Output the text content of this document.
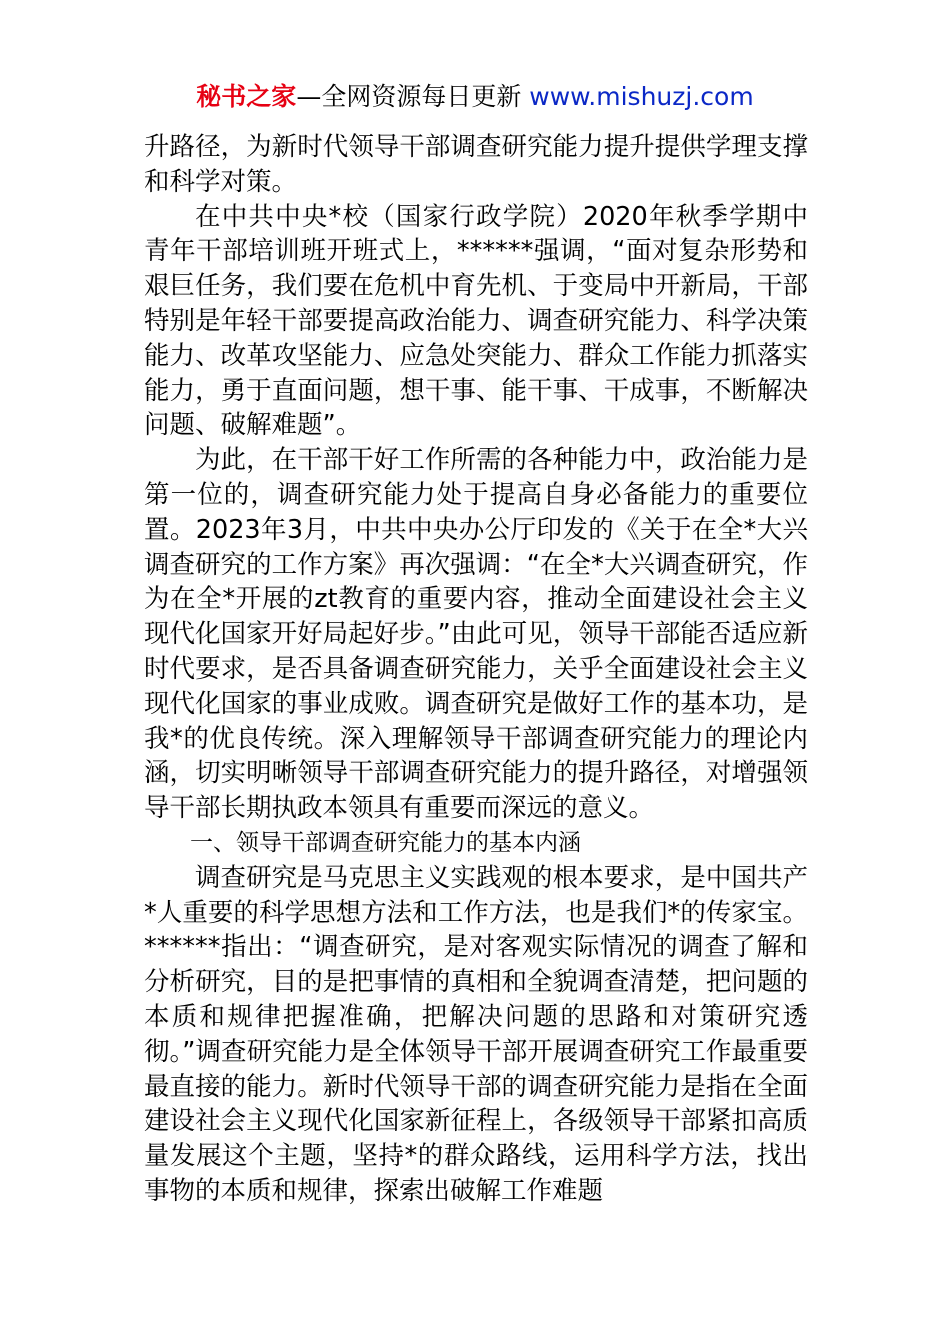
秘书之家—全网资源每日更新 www.mishuzj.com

升路径，为新时代领导干部调查研究能力提升提供学理支撑和科学对策。

在中共中央*校（国家行政学院）2020年秋季学期中青年干部培训班开班式上，******强调，“面对复杂形势和艰巨任务，我们要在危机中育先机、于变局中开新局，干部特别是年轻干部要提高政治能力、调查研究能力、科学决策能力、改革攻坚能力、应急处突能力、群众工作能力抓落实能力，勇于直面问题，想干事、能干事、干成事，不断解决问题、破解难题”。

为此，在干部干好工作所需的各种能力中，政治能力是第一位的，调查研究能力处于提高自身必备能力的重要位置。2023年3月，中共中央办公厅印发的《关于在全*大兴调查研究的工作方案》再次强调：“在全*大兴调查研究，作为在全*开展的zt教育的重要内容，推动全面建设社会主义现代化国家开好局起好步。”由此可见，领导干部能否适应新时代要求，是否具备调查研究能力，关乎全面建设社会主义现代化国家的事业成败。调查研究是做好工作的基本功，是我*的优良传统。深入理解领导干部调查研究能力的理论内涵，切实明晰领导干部调查研究能力的提升路径，对增强领导干部长期执政本领具有重要而深远的意义。

一、领导干部调查研究能力的基本内涵

调查研究是马克思主义实践观的根本要求，是中国共产*人重要的科学思想方法和工作方法，也是我们*的传家宝。******指出：“调查研究，是对客观实际情况的调查了解和分析研究，目的是把事情的真相和全貌调查清楚，把问题的本质和规律把握准确，把解决问题的思路和对策研究透彻。”调查研究能力是全体领导干部开展调查研究工作最重要最直接的能力。新时代领导干部的调查研究能力是指在全面建设社会主义现代化国家新征程上，各级领导干部紧扣高质量发展这个主题，坚持*的群众路线，运用科学方法，找出事物的本质和规律，探索出破解工作难题
